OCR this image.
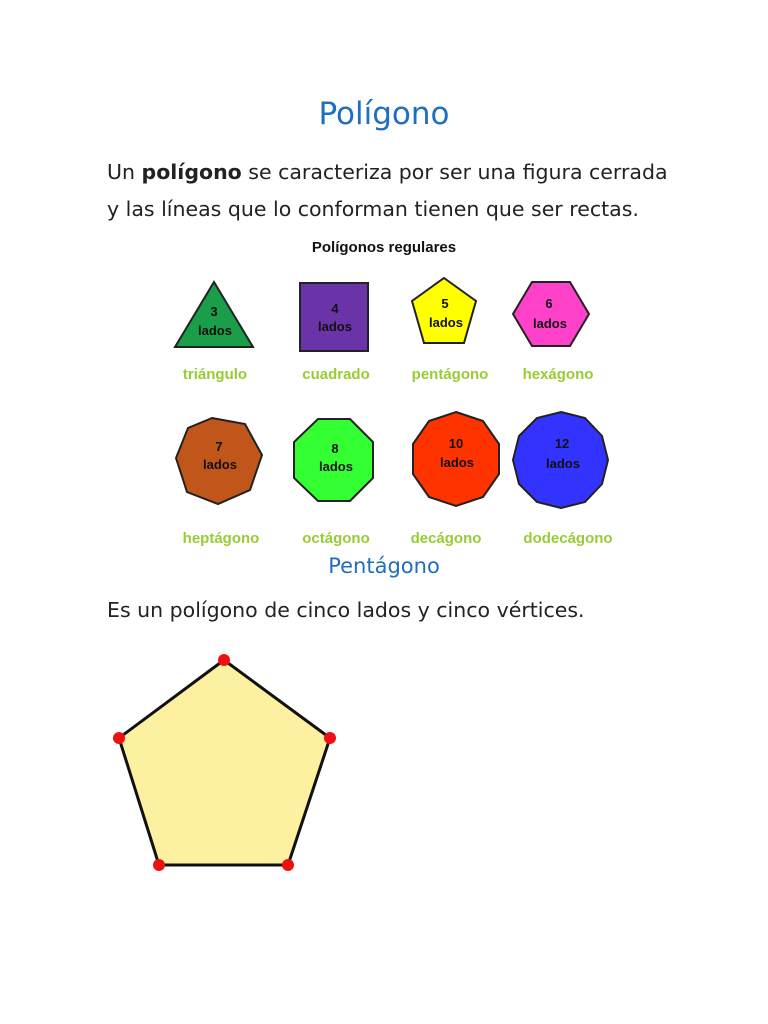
Polígono
Un polígono se caracteriza por ser una figura cerrada
y las líneas que lo conforman tienen que ser rectas.
Polígonos regulares
3
lados
4
lados
5
lados
6
lados
7
lados
8
lados
10
lados
12
lados
triángulo	cuadrado	pentágono	hexágono
heptágono	octágono	decágono	dodecágono
Pentágono
Es un polígono de cinco lados y cinco vértices.
